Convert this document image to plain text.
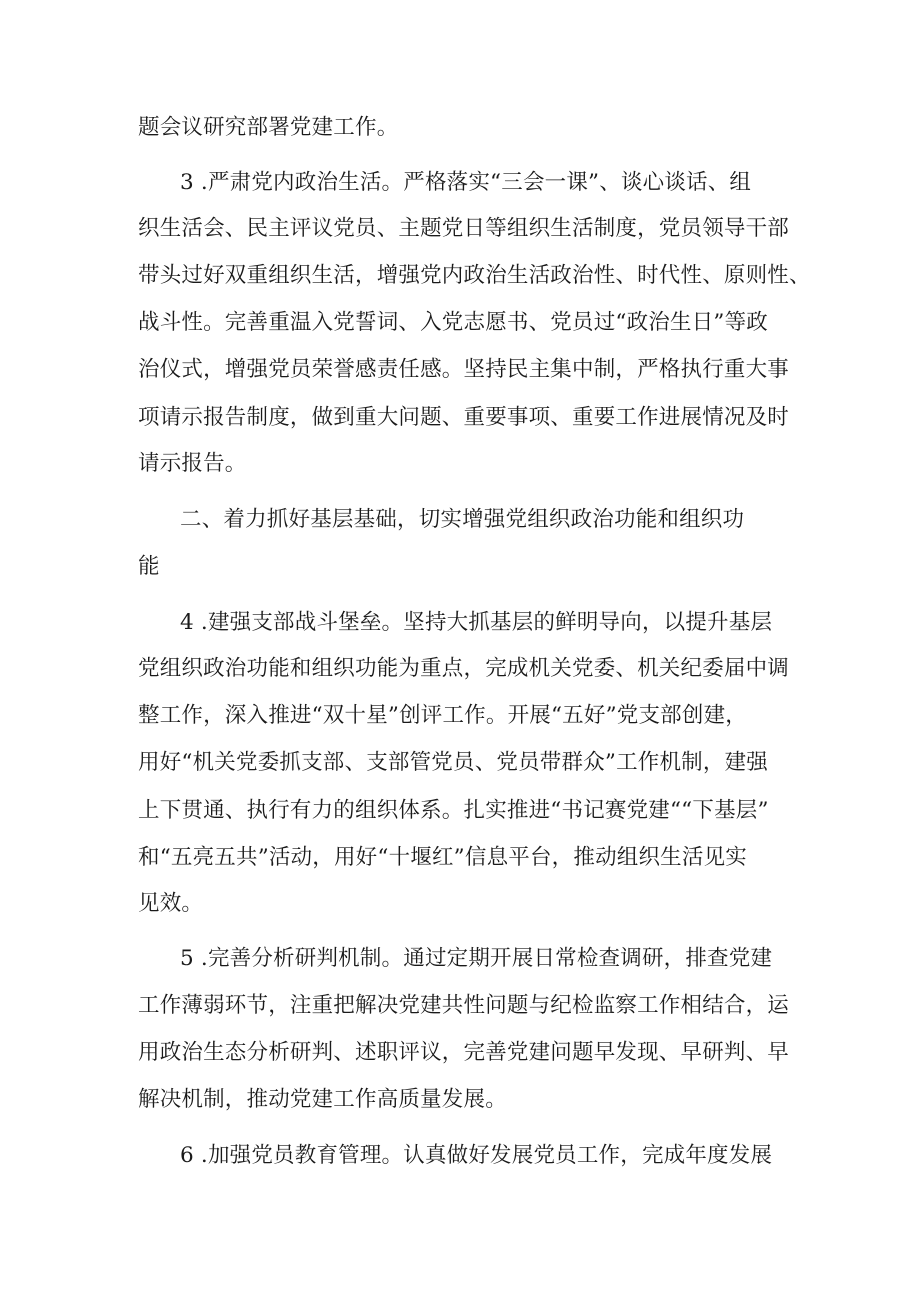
题会议研究部署党建工作。
3 .严肃党内政治生活。严格落实“三会一课”、谈心谈话、组
织生活会、民主评议党员、主题党日等组织生活制度，党员领导干部
带头过好双重组织生活，增强党内政治生活政治性、时代性、原则性、
战斗性。完善重温入党誓词、入党志愿书、党员过“政治生日”等政
治仪式，增强党员荣誉感责任感。坚持民主集中制，严格执行重大事
项请示报告制度，做到重大问题、重要事项、重要工作进展情况及时
请示报告。
二、着力抓好基层基础，切实增强党组织政治功能和组织功
能
4 .建强支部战斗堡垒。坚持大抓基层的鲜明导向，以提升基层
党组织政治功能和组织功能为重点，完成机关党委、机关纪委届中调
整工作，深入推进“双十星”创评工作。开展“五好”党支部创建，
用好“机关党委抓支部、支部管党员、党员带群众”工作机制，建强
上下贯通、执行有力的组织体系。扎实推进“书记赛党建““下基层”
和“五亮五共”活动，用好“十堰红”信息平台，推动组织生活见实
见效。
5 .完善分析研判机制。通过定期开展日常检查调研，排查党建
工作薄弱环节，注重把解决党建共性问题与纪检监察工作相结合，运
用政治生态分析研判、述职评议，完善党建问题早发现、早研判、早
解决机制，推动党建工作高质量发展。
6 .加强党员教育管理。认真做好发展党员工作，完成年度发展
